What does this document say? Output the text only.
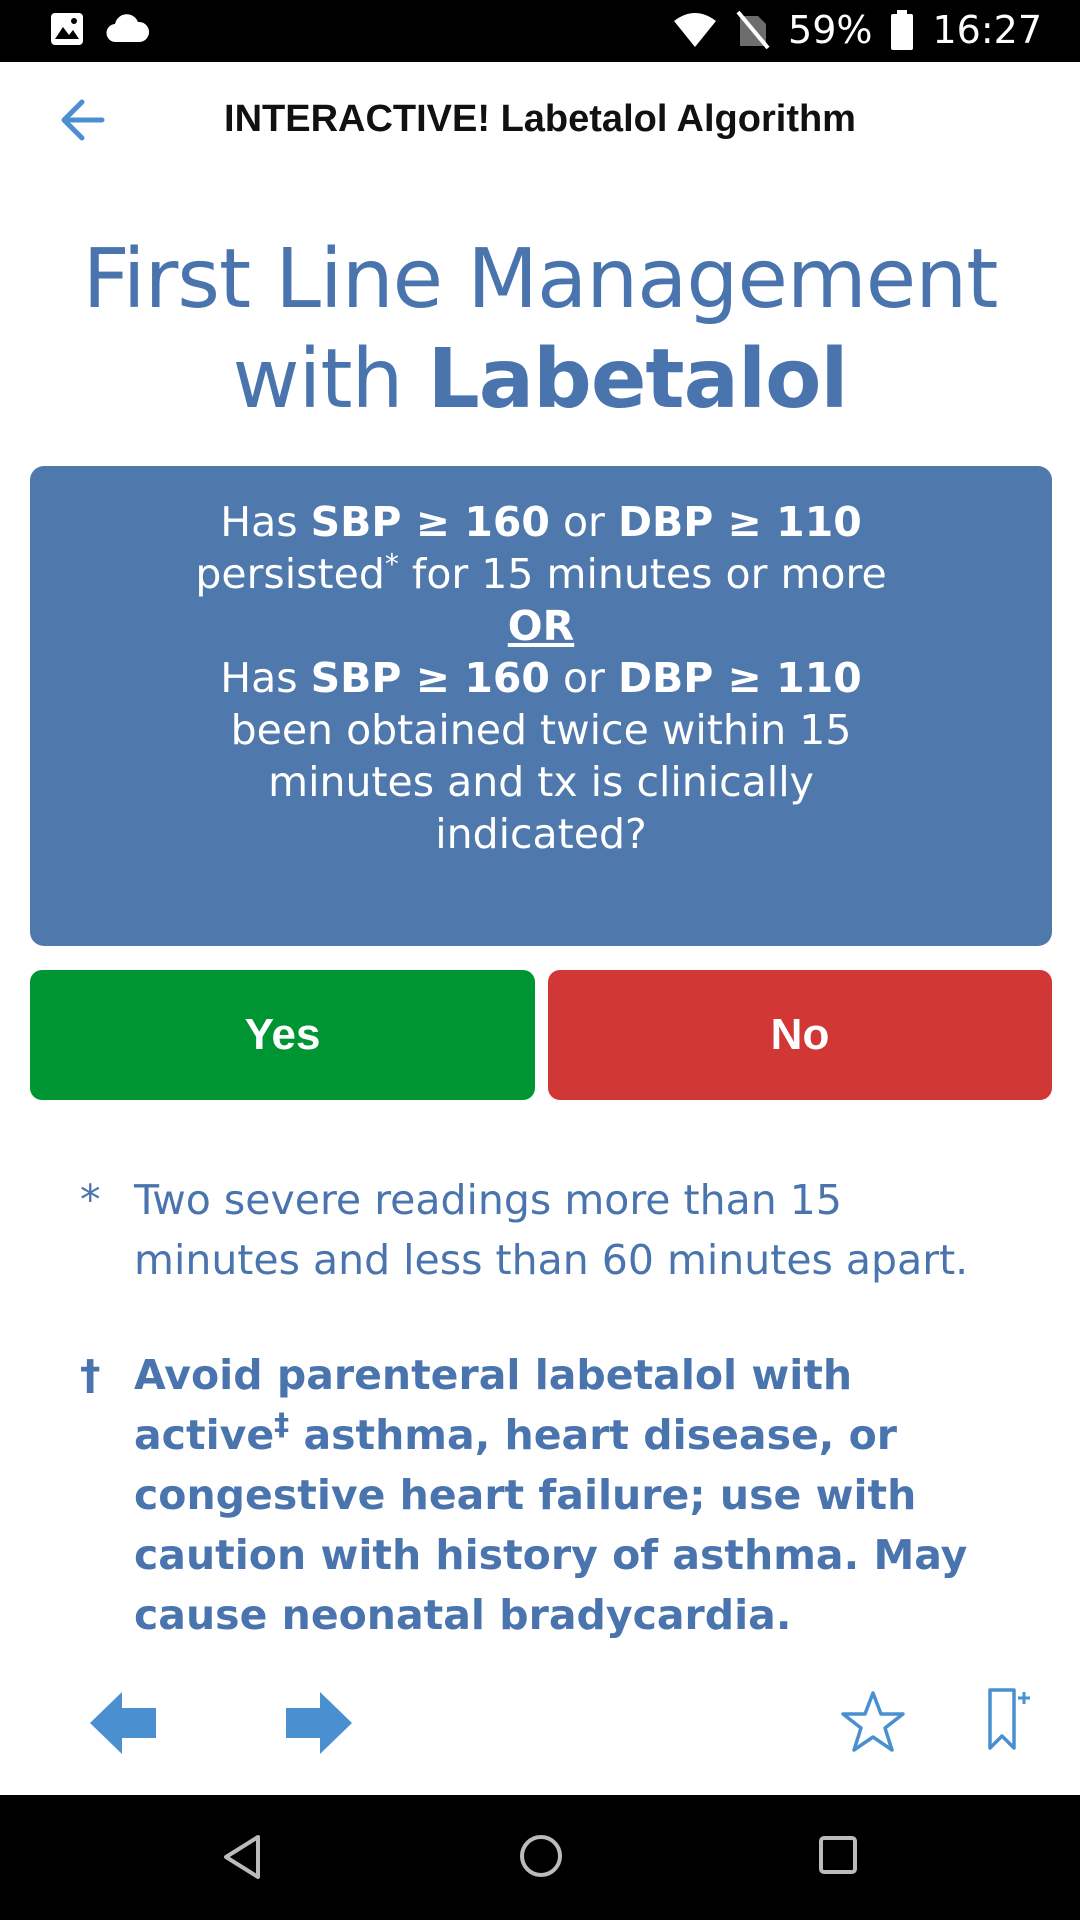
59% 16:27
INTERACTIVE! Labetalol Algorithm
First Line Management
with Labetalol
Has SBP ≥ 160 or DBP ≥ 110
persisted* for 15 minutes or more
OR
Has SBP ≥ 160 or DBP ≥ 110
been obtained twice within 15
minutes and tx is clinically
indicated?
Yes	No
* Two severe readings more than 15 minutes and less than 60 minutes apart.
† Avoid parenteral labetalol with active‡ asthma, heart disease, or congestive heart failure; use with caution with history of asthma. May cause neonatal bradycardia.
